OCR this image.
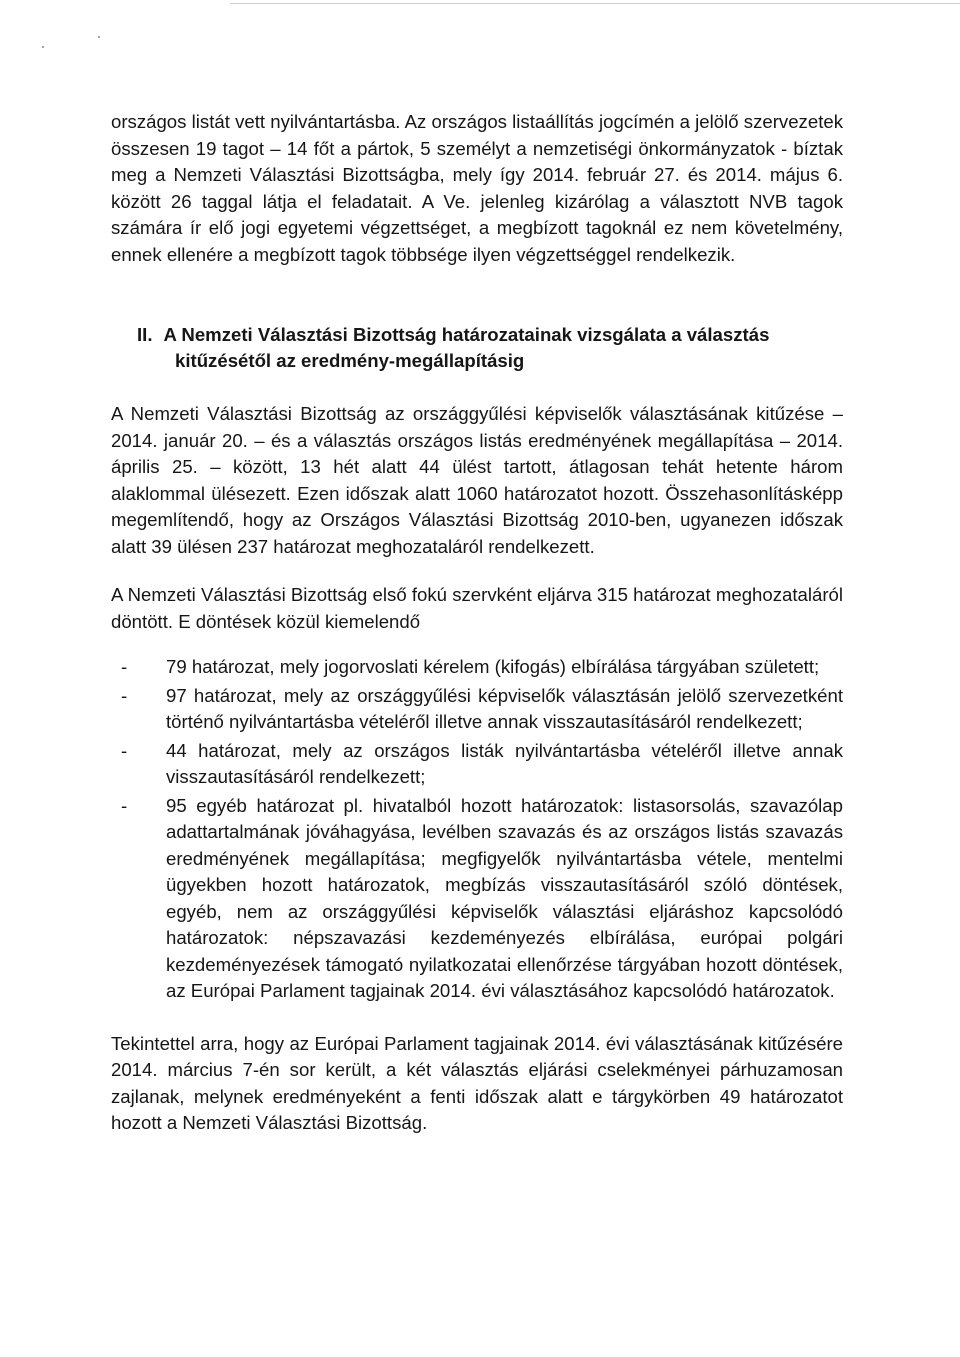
országos listát vett nyilvántartásba. Az országos listaállítás jogcímén a jelölő szervezetek összesen 19 tagot – 14 főt a pártok, 5 személyt a nemzetiségi önkormányzatok - bíztak meg a Nemzeti Választási Bizottságba, mely így 2014. február 27. és 2014. május 6. között 26 taggal látja el feladatait. A Ve. jelenleg kizárólag a választott NVB tagok számára ír elő jogi egyetemi végzettséget, a megbízott tagoknál ez nem követelmény, ennek ellenére a megbízott tagok többsége ilyen végzettséggel rendelkezik.

II. A Nemzeti Választási Bizottság határozatainak vizsgálata a választás
kitűzésétől az eredmény-megállapításig

A Nemzeti Választási Bizottság az országgyűlési képviselők választásának kitűzése – 2014. január 20. – és a választás országos listás eredményének megállapítása – 2014. április 25. – között, 13 hét alatt 44 ülést tartott, átlagosan tehát hetente három alaklommal ülésezett. Ezen időszak alatt 1060 határozatot hozott. Összehasonlításképp megemlítendő, hogy az Országos Választási Bizottság 2010-ben, ugyanezen időszak alatt 39 ülésen 237 határozat meghozataláról rendelkezett.

A Nemzeti Választási Bizottság első fokú szervként eljárva 315 határozat meghozataláról döntött. E döntések közül kiemelendő

- 79 határozat, mely jogorvoslati kérelem (kifogás) elbírálása tárgyában született;
- 97 határozat, mely az országgyűlési képviselők választásán jelölő szervezetként történő nyilvántartásba vételéről illetve annak visszautasításáról rendelkezett;
- 44 határozat, mely az országos listák nyilvántartásba vételéről illetve annak visszautasításáról rendelkezett;
- 95 egyéb határozat pl. hivatalból hozott határozatok: listasorsolás, szavazólap adattartalmának jóváhagyása, levélben szavazás és az országos listás szavazás eredményének megállapítása; megfigyelők nyilvántartásba vétele, mentelmi ügyekben hozott határozatok, megbízás visszautasításáról szóló döntések, egyéb, nem az országgyűlési képviselők választási eljáráshoz kapcsolódó határozatok: népszavazási kezdeményezés elbírálása, európai polgári kezdeményezések támogató nyilatkozatai ellenőrzése tárgyában hozott döntések, az Európai Parlament tagjainak 2014. évi választásához kapcsolódó határozatok.

Tekintettel arra, hogy az Európai Parlament tagjainak 2014. évi választásának kitűzésére 2014. március 7-én sor került, a két választás eljárási cselekményei párhuzamosan zajlanak, melynek eredményeként a fenti időszak alatt e tárgykörben 49 határozatot hozott a Nemzeti Választási Bizottság.
